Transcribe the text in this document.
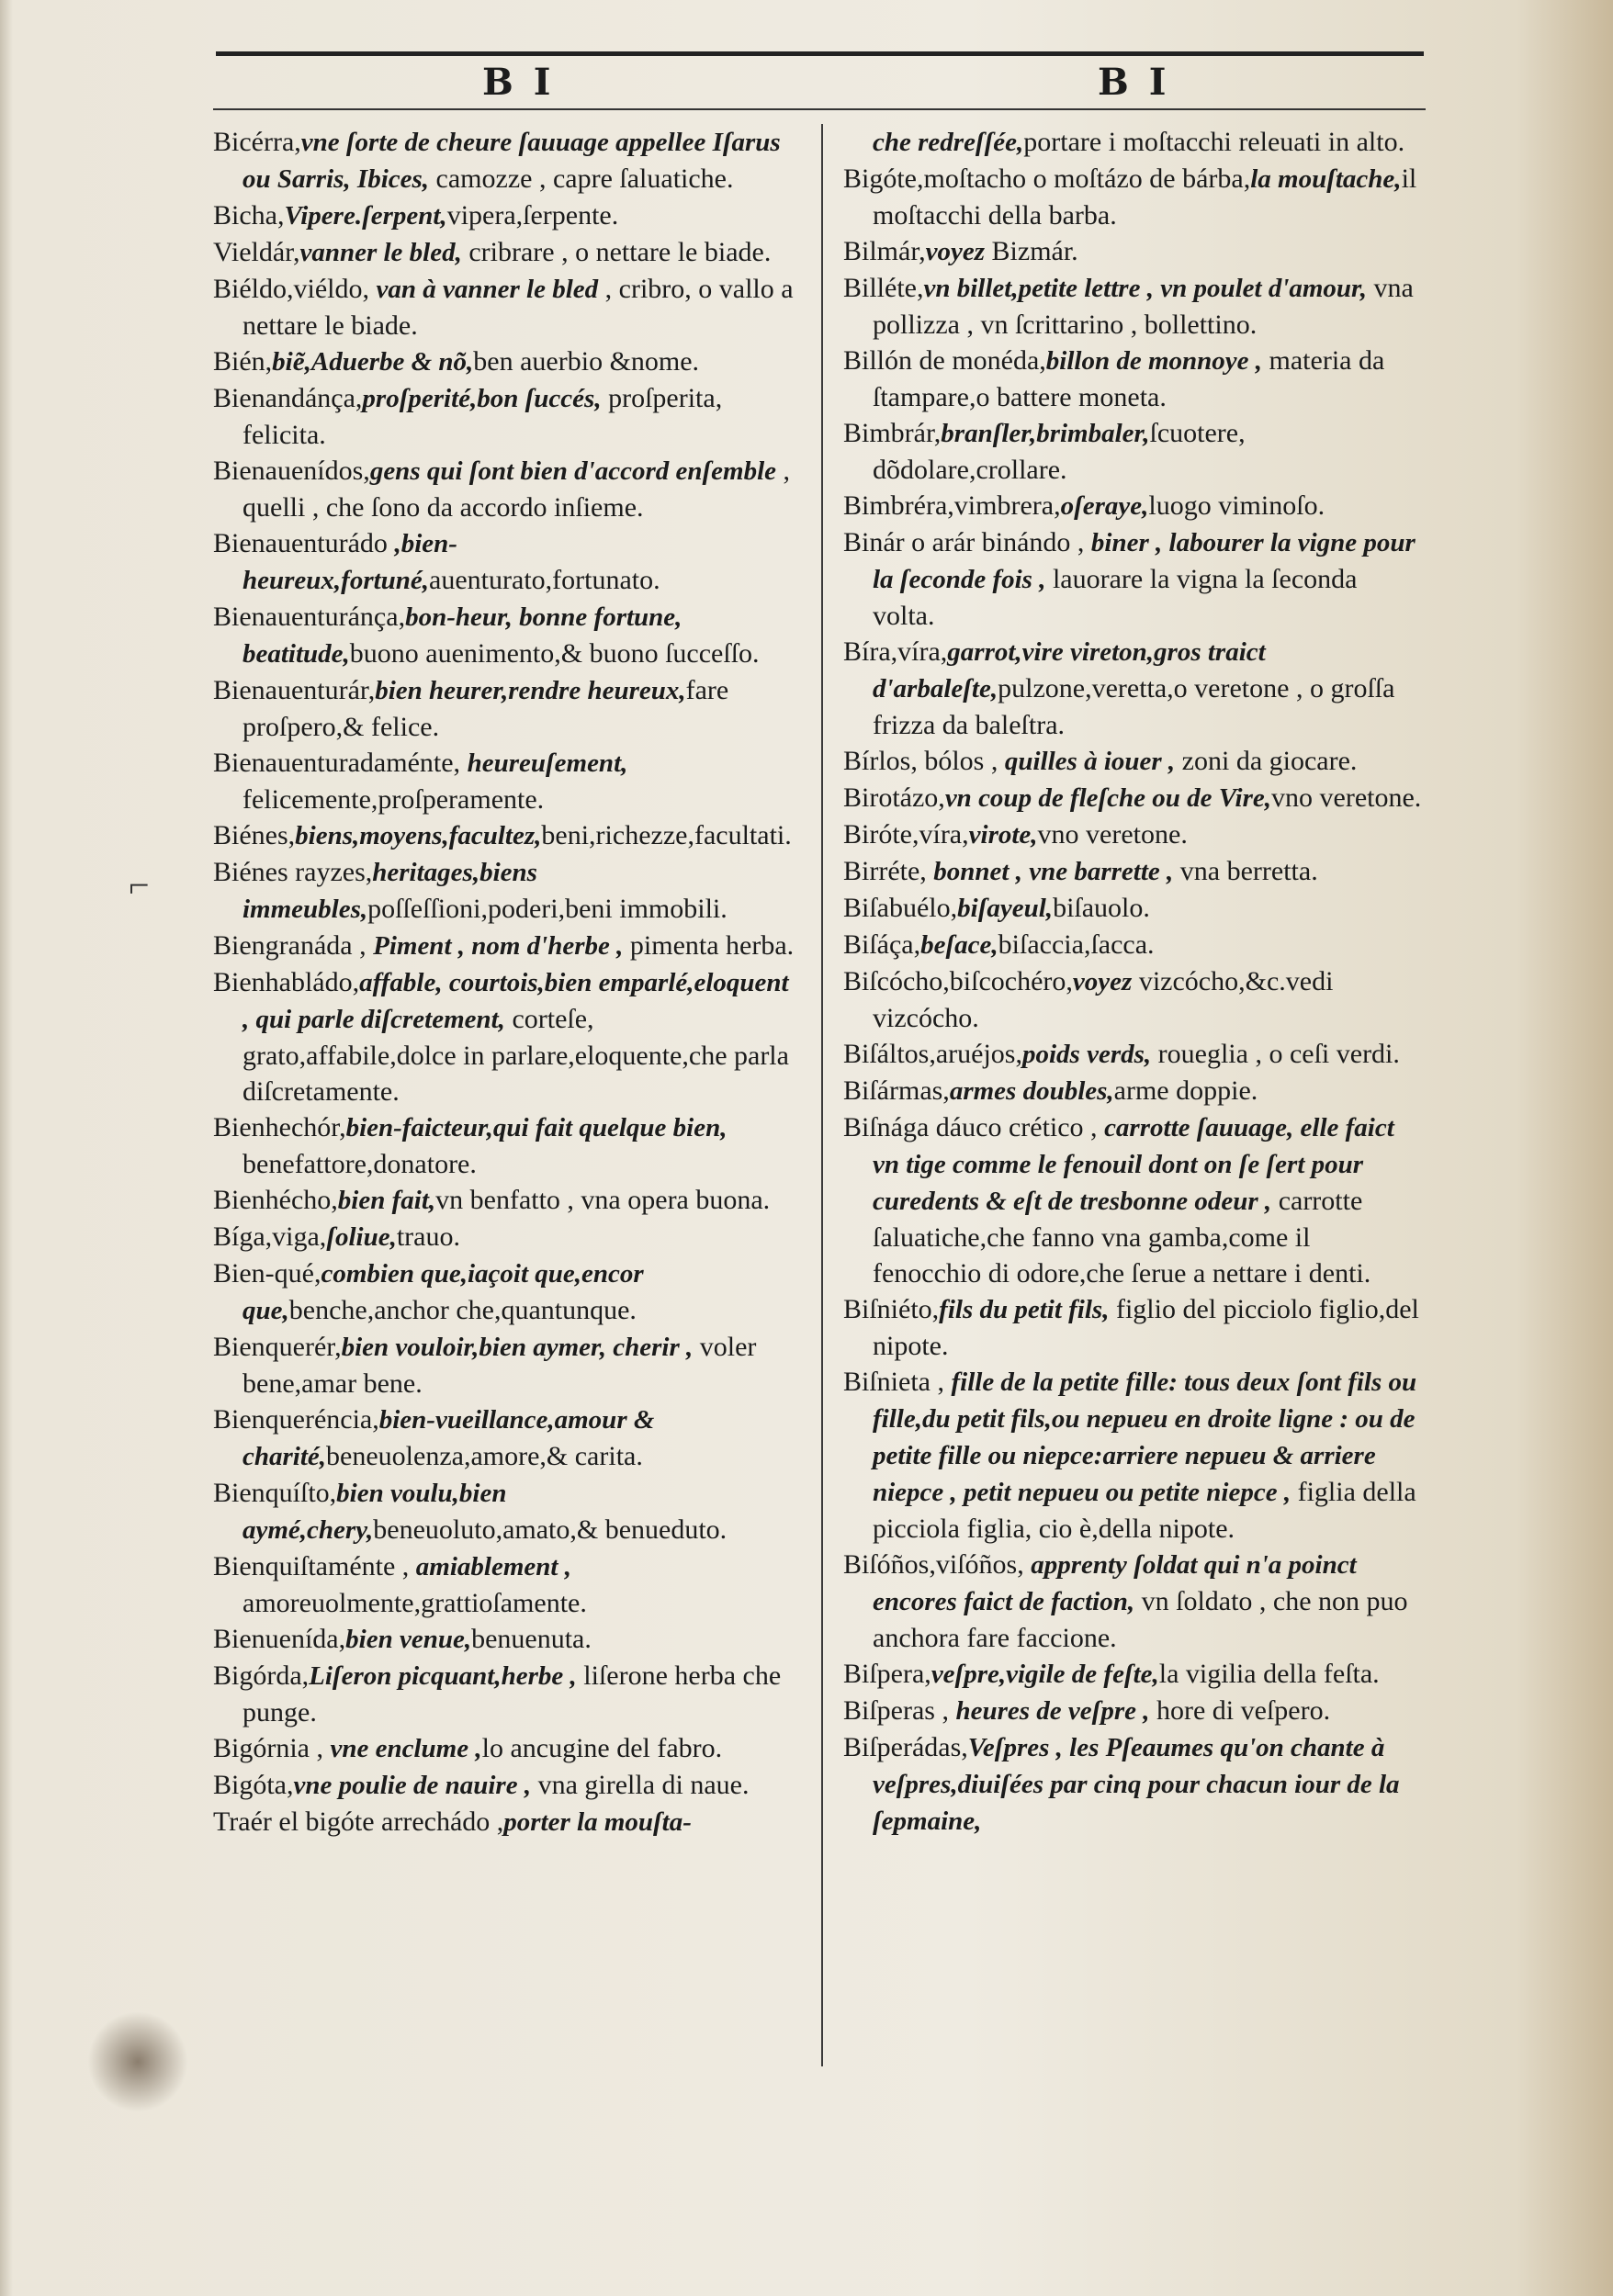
B I	B I

Bicérra,vne ſorte de cheure ſauuage appellee Iſarus ou Sarris, Ibices, camozze , capre ſaluatiche.

Bicha,Vipere.ſerpent,vipera,ſerpente.

Vieldár,vanner le bled, cribrare , o nettare le biade.

Biéldo,viéldo, van à vanner le bled , cribro, o vallo a nettare le biade.

Bién,biẽ,Aduerbe & nõ,ben auerbio &nome.

Bienandánça,proſperité,bon ſuccés, proſperita, felicita.

Bienauenídos,gens qui ſont bien d'accord enſemble , quelli , che ſono da accordo inſieme.

Bienauenturádo ,bien-heureux,fortuné,auenturato,fortunato.

Bienauenturánça,bon-heur, bonne fortune, beatitude,buono auenimento,& buono ſucceſſo.

Bienauenturár,bien heurer,rendre heureux,fare proſpero,& felice.

Bienauenturadaménte, heureuſement, felicemente,proſperamente.

Biénes,biens,moyens,facultez,beni,richezze,facultati.

Biénes rayzes,heritages,biens immeubles,poſſeſſioni,poderi,beni immobili.

Biengranáda , Piment , nom d'herbe , pimenta herba.

Bienhabládo,affable, courtois,bien emparlé,eloquent , qui parle diſcretement, corteſe, grato,affabile,dolce in parlare,eloquente,che parla diſcretamente.

Bienhechór,bien-faicteur,qui fait quelque bien, benefattore,donatore.

Bienhécho,bien fait,vn benfatto , vna opera buona.

Bíga,viga,ſoliue,trauo.

Bien-qué,combien que,iaçoit que,encor que,benche,anchor che,quantunque.

Bienquerér,bien vouloir,bien aymer, cherir , voler bene,amar bene.

Bienqueréncia,bien-vueillance,amour & charité,beneuolenza,amore,& carita.

Bienquíſto,bien voulu,bien aymé,chery,beneuoluto,amato,& benueduto.

Bienquiſtaménte , amiablement , amoreuolmente,grattioſamente.

Bienuenída,bien venue,benuenuta.

Bigórda,Liſeron picquant,herbe , liſerone herba che punge.

Bigórnia , vne enclume ,lo ancugine del fabro.

Bigóta,vne poulie de nauire , vna girella di naue.

Traér el bigóte arrechádo ,porter la mouſta-

che redreſſée,portare i moſtacchi releuati in alto.

Bigóte,moſtacho o moſtázo de bárba,la mouſtache,il moſtacchi della barba.

Bilmár,voyez Bizmár.

Billéte,vn billet,petite lettre , vn poulet d'amour, vna pollizza , vn ſcrittarino , bollettino.

Billón de monéda,billon de monnoye , materia da ſtampare,o battere moneta.

Bimbrár,branſler,brimbaler,ſcuotere, dõdolare,crollare.

Bimbréra,vimbrera,oſeraye,luogo viminoſo.

Binár o arár binándo , biner , labourer la vigne pour la ſeconde fois , lauorare la vigna la ſeconda volta.

Bíra,víra,garrot,vire vireton,gros traict d'arbaleſte,pulzone,veretta,o veretone , o groſſa frizza da baleſtra.

Bírlos, bólos , quilles à iouer , zoni da giocare.

Birotázo,vn coup de fleſche ou de Vire,vno veretone.

Biróte,víra,virote,vno veretone.

Birréte, bonnet , vne barrette , vna berretta.

Biſabuélo,biſayeul,biſauolo.

Biſáça,beſace,biſaccia,ſacca.

Biſcócho,biſcochéro,voyez vizcócho,&c.vedi vizcócho.

Biſáltos,aruéjos,poids verds, roueglia , o ceſi verdi.

Biſármas,armes doubles,arme doppie.

Biſnága dáuco crético , carrotte ſauuage, elle faict vn tige comme le fenouil dont on ſe ſert pour curedents & eſt de tresbonne odeur , carrotte ſaluatiche,che fanno vna gamba,come il fenocchio di odore,che ſerue a nettare i denti.

Biſniéto,fils du petit fils, figlio del picciolo figlio,del nipote.

Biſnieta , fille de la petite fille: tous deux ſont fils ou fille,du petit fils,ou nepueu en droite ligne : ou de petite fille ou niepce:arriere nepueu & arriere niepce , petit nepueu ou petite niepce , figlia della picciola figlia, cio è,della nipote.

Biſóños,viſóños, apprenty ſoldat qui n'a poinct encores faict de faction, vn ſoldato , che non puo anchora fare faccione.

Biſpera,veſpre,vigile de feſte,la vigilia della feſta.

Biſperas , heures de veſpre , hore di veſpero.

Biſperádas,Veſpres , les Pſeaumes qu'on chante à veſpres,diuiſées par cinq pour chacun iour de la ſepmaine,

⌐
